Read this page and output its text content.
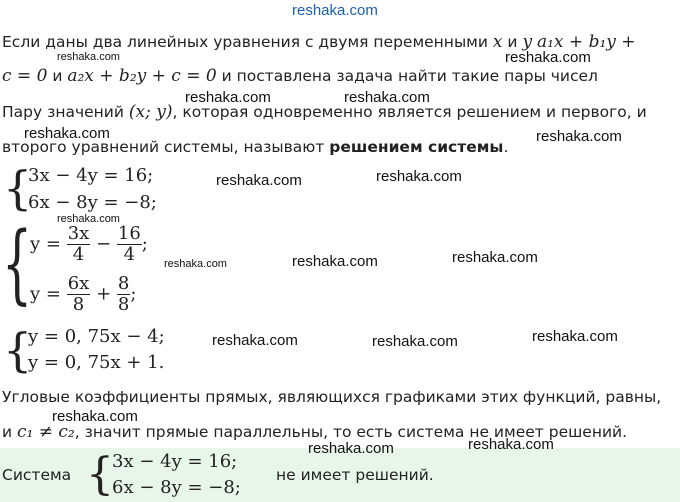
reshaka.com
Если даны два линейных уравнения с двумя переменными x и y a₁x + b₁y +
reshaka.com	reshaka.com
c = 0 и a₂x + b₂y + c = 0 и поставлена задача найти такие пары чисел
reshaka.com	reshaka.com
Пару значений (x; y), которая одновременно является решением и первого, и
reshaka.com	reshaka.com
второго уравнений системы, называют решением системы.
{
3x − 4y = 16;
6x − 8y = −8;
reshaka.com	reshaka.com
reshaka.com
{
$y = \frac{3x}{4} - \frac{16}{4}$ ;
$y = \frac{6x}{8} + \frac{8}{8}$ ;
reshaka.com	reshaka.com	reshaka.com
{
y = 0, 75x − 4;
y = 0, 75x + 1.
reshaka.com	reshaka.com	reshaka.com
Угловые коэффициенты прямых, являющихся графиками этих функций, равны,
reshaka.com
и c₁ ≠ c₂, значит прямые параллельны, то есть система не имеет решений.
reshaka.com	reshaka.com
Система {
3x − 4y = 16;
6x − 8y = −8;
не имеет решений.
